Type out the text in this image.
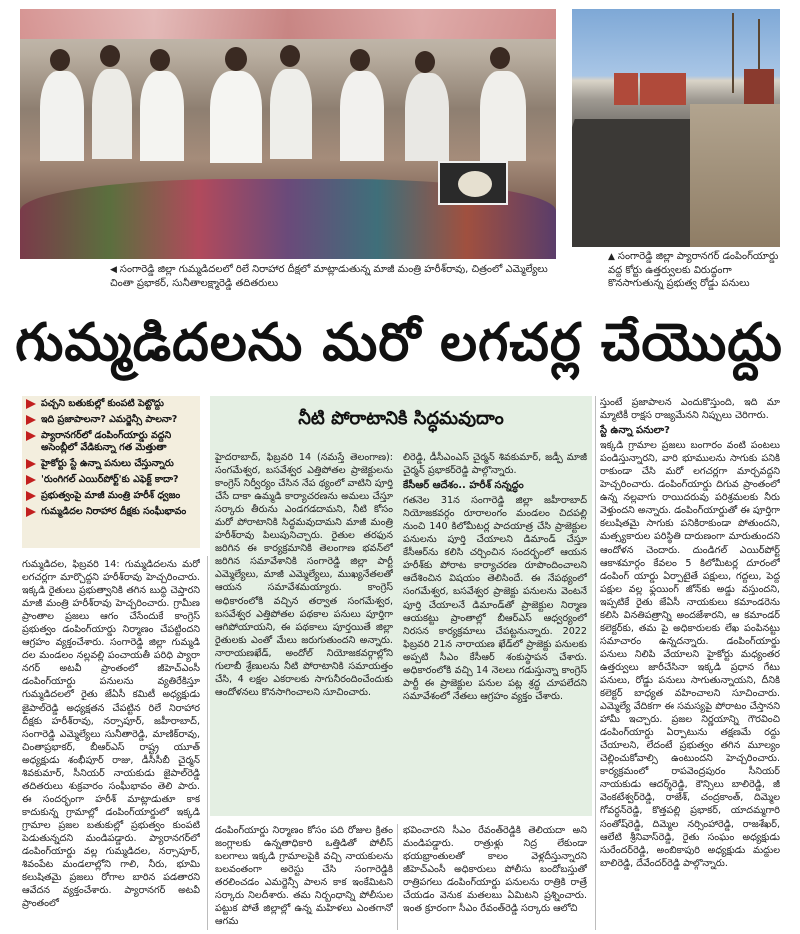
◀ సంగారెడ్డి జిల్లా గుమ్మడిదలలో రిలే నిరాహార దీక్షలో మాట్లాడుతున్న మాజీ మంత్రి హరీశ్‌రావు, చిత్రంలో ఎమ్మెల్యేలు చింతా ప్రభాకర్, సునీతాలక్ష్మారెడ్డి తదితరులు
▲ సంగారెడ్డి జిల్లా ప్యారానగర్ డంపింగ్‌యార్డు వద్ద కోర్టు ఉత్తర్వులకు విరుద్ధంగా కొనసాగుతున్న ప్రభుత్వ రోడ్డు పనులు
గుమ్మడిదలను మరో లగచర్ల చేయొద్దు
పచ్చని బతుకుల్లో కుంపటి పెట్టొద్దు
ఇది ప్రజాపాలనా? ఎమర్జెన్సీ పాలనా?
ప్యారానగర్‌లో డంపింగ్‌యార్డు వద్దని అసెంబ్లీలో వేడికున్నా గత మెత్తుతా
హైకోర్టు స్టే ఉన్నా పనులు చేస్తున్నారు
'రుంగిగల్ ఎయిర్‌పోర్ట్‌'కు ఎఫెక్ట్ కాదా?
ప్రభుత్వంపై మాజీ మంత్రి హరీశ్ ధ్వజం
గుమ్మడిదల నిరాహార దీక్షకు సంఘీభావం
నీటి పోరాటానికి సిద్ధమవుదాం

గుమ్మడిదల, ఫిబ్రవరి 14: గుమ్మడిదలను మరో లగచర్లగా మార్చొద్దని హరీశ్‌రావు హెచ్చరించారు. ఇక్కడి రైతులు ప్రభుత్వానికి తగిన బుద్ధి చెప్తారని మాజీ మంత్రి హరీశ్‌రావు హెచ్చరించారు. గ్రామీణ ప్రాంతాల ప్రజలు ఆగం చేసేందుకే కాంగ్రెస్ ప్రభుత్వం డంపింగ్‌యార్డు నిర్మాణం చేపట్టిందని ఆగ్రహం వ్యక్తంచేశారు. సంగారెడ్డి జిల్లా గుమ్మడి దల మండలం నల్లవల్లి పంచాయతీ పరిధి ప్యారా నగర్ అటవీ ప్రాంతంలో జీహెచ్ఎంసీ డంపింగ్‌యార్డు పనులను వ్యతిరేకిస్తూ గుమ్మడిదలలో రైతు జేఏసీ కమిటీ అధ్యక్షుడు జైపాల్‌రెడ్డి అధ్యక్షతన చేపట్టిన రిలే నిరాహార దీక్షకు హరీశ్‌రావు, నర్సాపూర్, జహీరాబాద్, సంగారెడ్డి ఎమ్మెల్యేలు సునీతారెడ్డి, మాణిక్‌రావు, చింతాప్రభాకర్, బీఆర్ఎస్ రాష్ట్ర యూత్ అధ్యక్షుడు శంభీపూర్ రాజు, డీసీసీబీ చైర్మన్ శివకుమార్, సీనియర్ నాయకుడు జైపాల్‌రెడ్డి తదితరులు శుక్రవారం సంఘీభావం తెలి పారు. ఈ సందర్భంగా హరీశ్ మాట్లాడుతూ కాక కాదుకున్న గ్రామాల్లో డంపింగ్‌యార్డులో ఇక్కడి గ్రామాల ప్రజల బతుకుల్లో ప్రభుత్వం కుంపటి పెడుతున్నదని మండిపడ్డారు. ప్యారానగర్‌లో డంపింగ్‌యార్డు వల్ల గుమ్మడిదల, నర్సాపూర్, శివంపేట మండలాల్లోని గాలి, నీరు, భూమి కలుషితమై ప్రజలు రోగాల బారిన పడతారని ఆవేదన వ్యక్తంచేశారు. ప్యారానగర్ అటవీ ప్రాంతంలో

హైదరాబాద్, ఫిబ్రవరి 14 (నమస్తే తెలంగాణ): సంగమేశ్వర, బసవేశ్వర ఎత్తిపోతల ప్రాజెక్టులను కాంగ్రెస్ నిర్వీర్యం చేసిన నేప థ్యంలో వాటిని పూర్తి చేసే దాకా ఉమ్మడి కార్యాచరణను అమలు చేస్తూ సర్కారు తీరును ఎండగడదామని, నీటి కోసం మరో పోరాటానికి సిద్ధమవుదామని మాజీ మంత్రి హరీశ్‌రావు పిలుపునిచ్చారు. రైతుల తరఫున జరిగిన ఈ కార్యక్రమానికి తెలంగాణ భవన్‌లో జరిగిన సమావేశానికి సంగారెడ్డి జిల్లా పార్టీ ఎమ్మెల్యేలు, మాజీ ఎమ్మెల్యేలు, ముఖ్యనేతలతో ఆయన సమావేశమయ్యారు. కాంగ్రెస్ అధికారంలోకి వచ్చిన తర్వాత సంగమేశ్వర, బసవేశ్వర ఎత్తిపోతల పథకాల పనులు పూర్తిగా ఆగిపోయాయని, ఈ పథకాలు పూర్తయితే జిల్లా రైతులకు ఎంతో మేలు జరుగుతుందని అన్నారు. నారాయణఖేడ్, అందోల్ నియోజకవర్గాల్లోని గులాబీ శ్రేణులను నీటి పోరాటానికి సమాయత్తం చేసి, 4 లక్షల ఎకరాలకు సాగునీరందించేందుకు ఆందోళనలు కొనసాగించాలని సూచించారు.

లిరెడ్డి, డీసీఎంఎస్ చైర్మన్ శివకుమార్, జడ్పీ మాజీ చైర్మన్ ప్రభాకర్‌రెడ్డి పాల్గొన్నారు.

కేసీఆర్ ఆదేశం.. హరీశ్ సన్నద్ధం

గతనెల 31న సంగారెడ్డి జిల్లా జహీరాబాద్ నియోజకవర్గం రూరాలంగం మండలం చిదపల్లి నుంచి 140 కిలోమీటర్ల పాదయాత్ర చేసి ప్రాజెక్టుల పనులను పూర్తి చేయాలని డిమాండ్ చేస్తూ కేసీఆర్‌ను కలిసి చర్చించిన సందర్భంలో ఆయన హరీశ్‌కు పోరాట కార్యాచరణ రూపొందించాలని ఆదేశించిన విషయం తెలిసిందే. ఈ నేపథ్యంలో సంగమేశ్వర, బసవేశ్వర ప్రాజెక్టు పనులను వెంటనే పూర్తి చేయాలనే డిమాండ్‌తో ప్రాజెక్టుల నిర్మాణ ఆయకట్టు ప్రాంతాల్లో బీఆర్ఎస్ ఆధ్వర్యంలో నిరసన కార్యక్రమాలు చేపట్టనున్నారు. 2022 ఫిబ్రవరి 21న నారాయణ ఖేడ్‌లో ప్రాజెక్టు పనులకు అప్పటి సీఎం కేసీఆర్ శంకుస్థాపన చేశారు. అధికారంలోకి వచ్చి 14 నెలలు గడుస్తున్నా కాంగ్రెస్ పార్టీ ఈ ప్రాజెక్టుల పనుల పట్ల శ్రద్ధ చూపలేదని సమావేశంలో నేతలు ఆగ్రహం వ్యక్తం చేశారు.

స్తుంటే ప్రజాపాలన ఎందుకొస్తుంది, ఇది మా మ్మాటికీ రాక్షస రాజ్యమేనని నిప్పులు చెరిగారు.

స్టే ఉన్నా పనులా?

ఇక్కడి గ్రామాల ప్రజలు బంగారం వంటి పంటలు పండిస్తున్నారని, వారి భూములను సాగుకు పనికి రాకుండా చేసి మరో లగచర్లగా మార్చవద్దని హెచ్చరించారు. డంపింగ్‌యార్డు దిగువ ప్రాంతంలో ఉన్న నల్లవాగు రాయిదరువు పరిశ్రమలకు నీరు వెళ్తుందని అన్నారు. డంపింగ్‌యార్డుతో ఈ పూర్తిగా కలుషితమై సాగుకు పనికిరాకుండా పోతుందని, మత్స్యకారుల పరిస్థితి దారుణంగా మారుతుందని ఆందోళన చెందారు. దుండిగల్ ఎయిర్‌పోర్ట్ ఆకాశమార్గం కేవలం 5 కిలోమీటర్ల దూరంలో డంపింగ్ యార్డు ఏర్పాటైతే పక్షులు, గద్దలు, పెద్ద పక్షుల వల్ల ఫ్లయింగ్ జోన్‌కు అడ్డు వస్తుందని, ఇప్పటికే రైతు జేఏసీ నాయకులు కమాండరెను కలిసి వినతిపత్రాన్ని అందజేశారని, ఆ కమాండర్ కలెక్టర్‌కు, తమ పై అధికారులకు లేఖ పంపినట్టు సమాచారం ఉన్నదన్నారు. డంపింగ్‌యార్డు పనులు నిలిపి వేయాలని హైకోర్టు మధ్యంతర ఉత్తర్వులు జారీచేసినా ఇక్కడి ప్రధాన గేటు పనులు, రోడ్డు పనులు సాగుతున్నాయని, దీనికి కలెక్టర్ బాధ్యత వహించాలని సూచించారు. ఎమ్మెల్యే వేదికగా ఈ సమస్యపై పోరాటం చేస్తానని హామీ ఇచ్చారు. ప్రజల నిర్ణయాన్ని గౌరవించి డంపింగ్‌యార్డు ఏర్పాటును తక్షణమే రద్దు చేయాలని, లేదంటే ప్రభుత్వం తగిన మూల్యం చెల్లించుకోవాల్సి ఉంటుందని హెచ్చరించారు. కార్యక్రమంలో రాపవెంద్రపురం సీనియర్ నాయకుడు ఆదర్శ్‌రెడ్డి, కౌన్సిలు బాలిరెడ్డి, జీ వెంకటేశ్వర్‌రెడ్డి, రాజేశ్, చంద్రకాంత్, దిమ్మెల గోవర్ధన్‌రెడ్డి, కొత్తపల్లి ప్రభాకర్, యాదమ్మగారి సంతోష్‌రెడ్డి, దిమ్మెల నర్సింహారెడ్డి, రాజశేఖర్, ఆలేటి శ్రీనివాస్‌రెడ్డి, రైతు సంఘం అధ్యక్షుడు సురేందర్‌రెడ్డి, అంబికాపురి అధ్యక్షుడు మద్దుల బాలిరెడ్డి, దేవేందర్‌రెడ్డి పాల్గొన్నారు.

డంపింగ్‌యార్డు నిర్మాణం కోసం పది రోజుల క్రితం జంగ్లాలకు ఉన్నతాధికారి ఒత్తిడితో పోలీస్ బలగాలు ఇక్కడి గ్రామాలపైకి వచ్చి నాయకులను బలవంతంగా అరెస్టు చేసి సంగారెడ్డికి తరలించడం ఎమర్జెన్సీ పాలన కాక ఇంకేమిటని సర్కారు నిలదీశారు. తమ నిర్బంధాన్ని పోలీసుల పట్టుక పోతే జిల్లాల్లో ఉన్న మహిళలు ఎంతగానో ఆగమ

భవించారని సీఎం రేవంత్‌రెడ్డికి తెలియదా అని మండిపడ్డారు. రాత్రుళ్లు నిద్ర లేకుండా భయభ్రాంతులతో కాలం వెళ్లదీస్తున్నారని జీహెచ్ఎంసీ అధికారులు పోలీసు బందోబస్తుతో రాత్రిపగలు డంపింగ్‌యార్డు పనులను రాత్రికి రాత్రే చేయడం వెనుక మతలబు ఏమిటని ప్రశ్నించారు. ఇంత క్రూరంగా సీఎం రేవంత్‌రెడ్డి సర్కారు ఆలోచి
